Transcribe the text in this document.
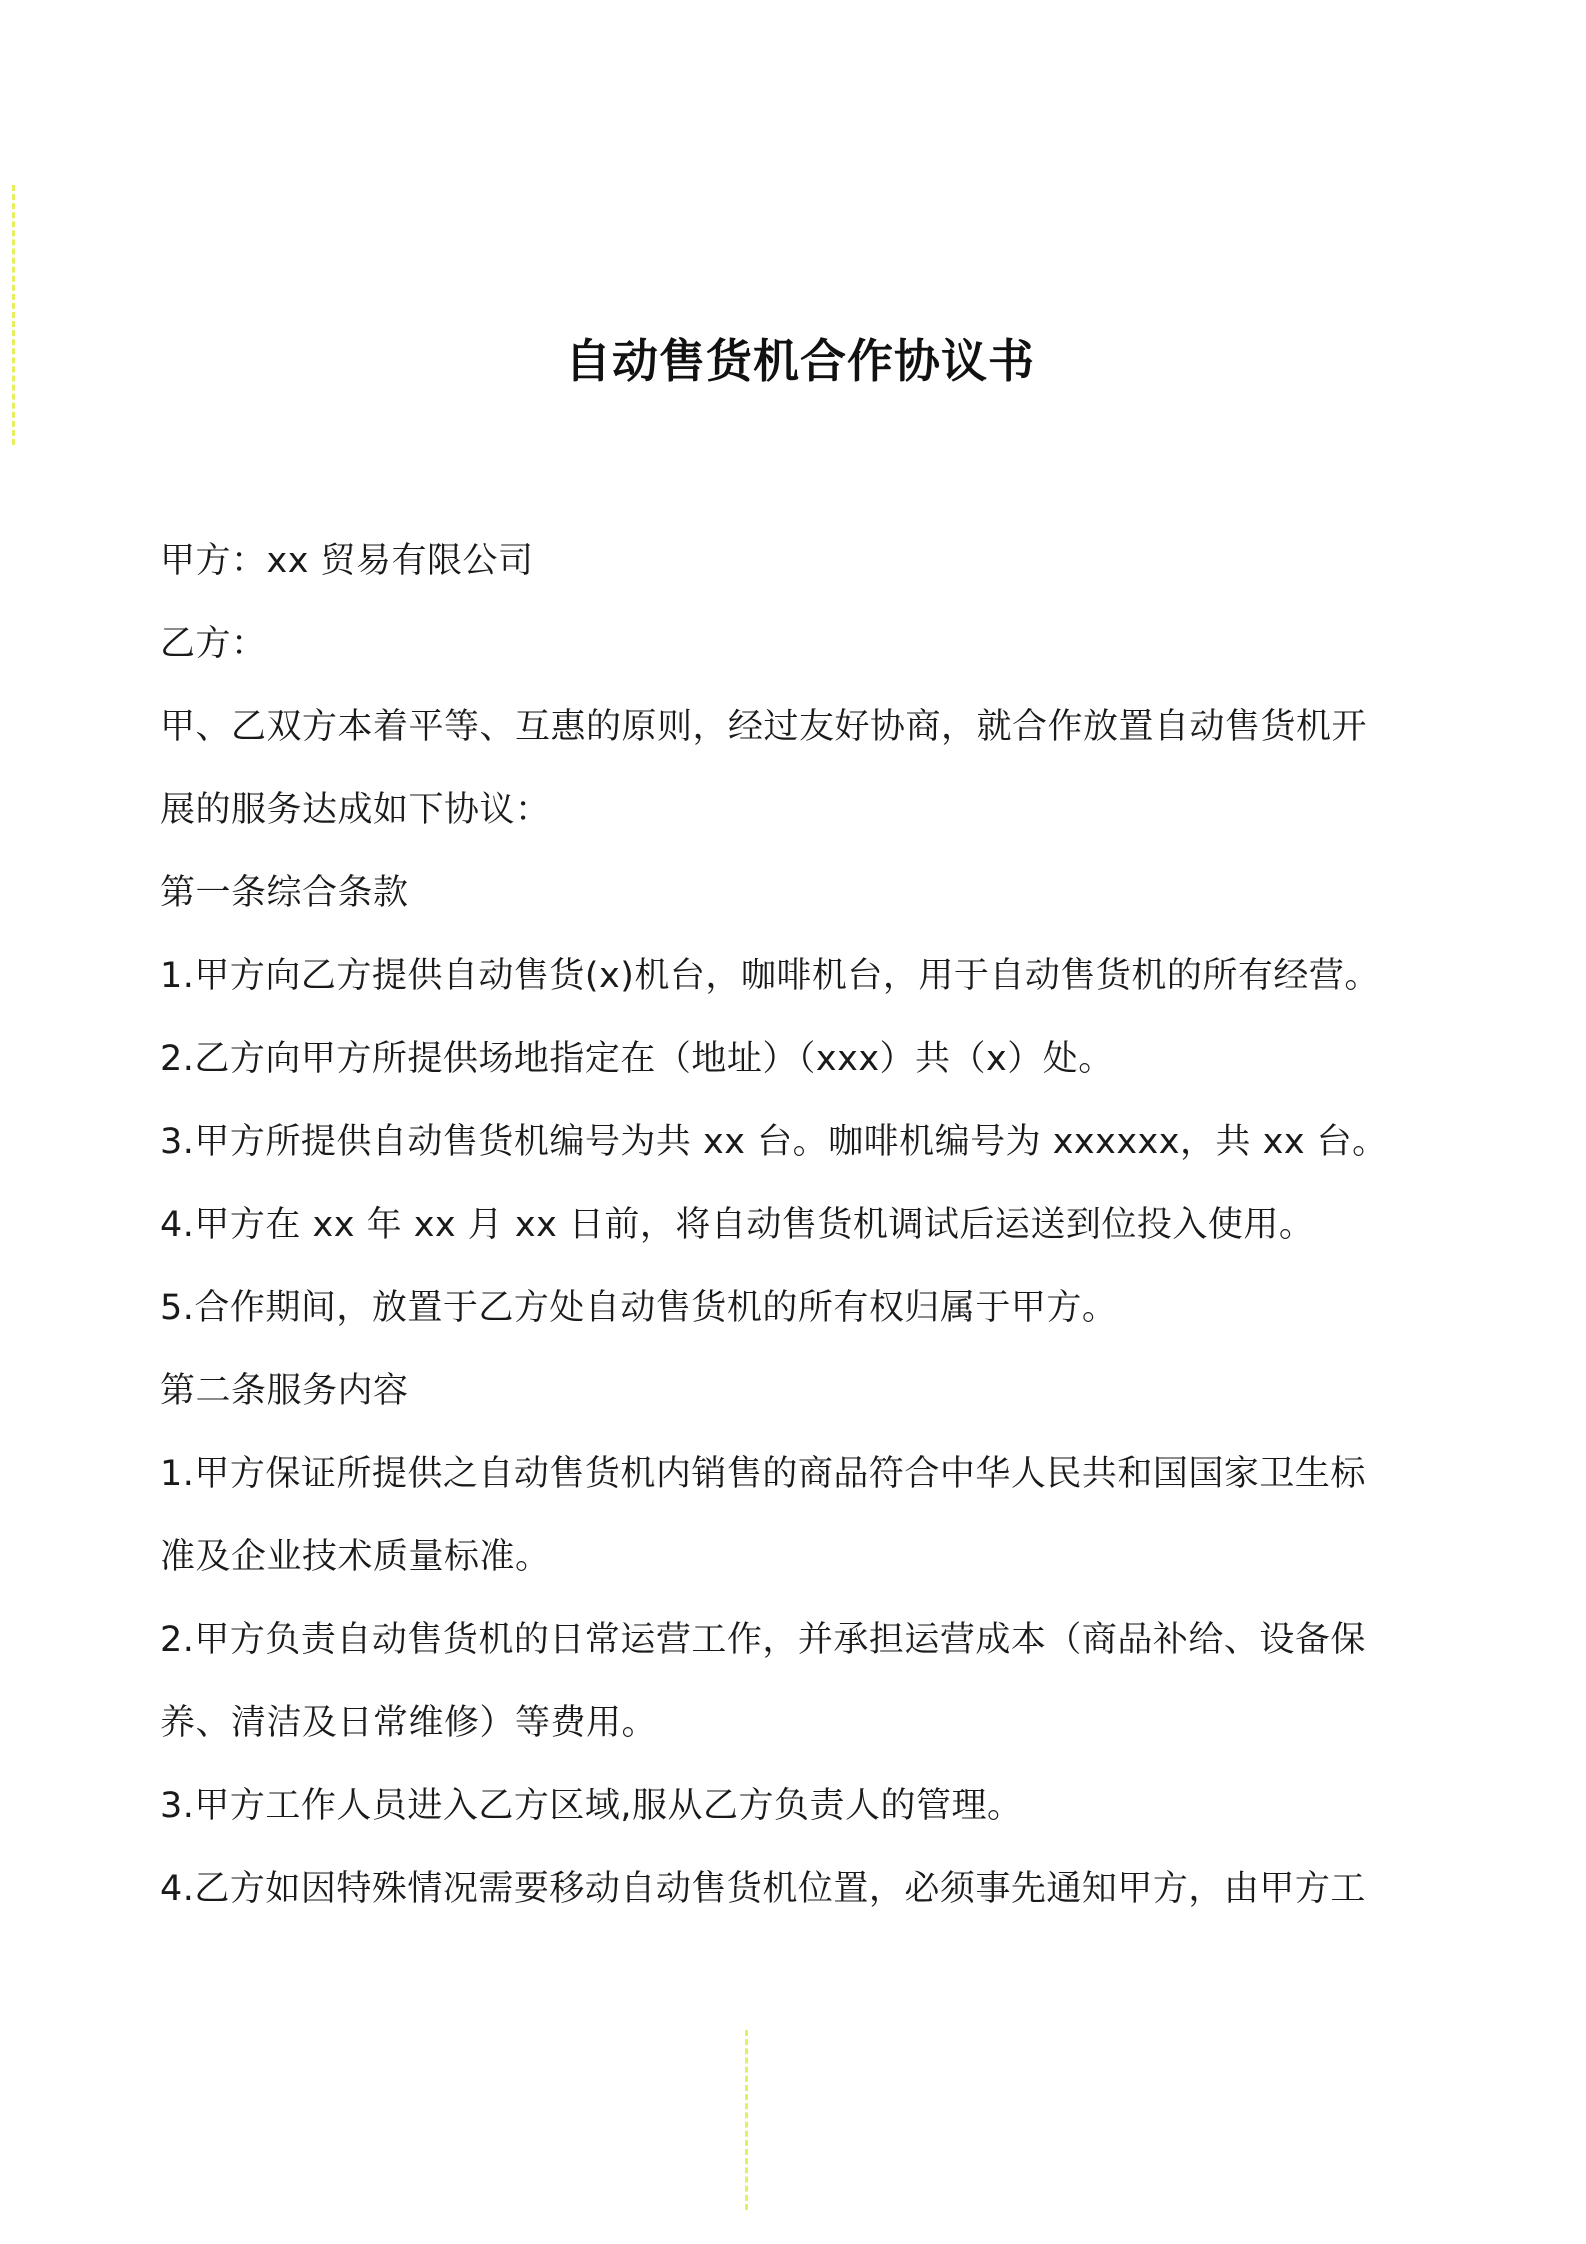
自动售货机合作协议书
甲方：xx 贸易有限公司
乙方：
甲、乙双方本着平等、互惠的原则，经过友好协商，就合作放置自动售货机开
展的服务达成如下协议：
第一条综合条款
1.甲方向乙方提供自动售货(x)机台，咖啡机台，用于自动售货机的所有经营。
2.乙方向甲方所提供场地指定在（地址）（xxx）共（x）处。
3.甲方所提供自动售货机编号为共 xx 台。咖啡机编号为 xxxxxx，共 xx 台。
4.甲方在 xx 年 xx 月 xx 日前，将自动售货机调试后运送到位投入使用。
5.合作期间，放置于乙方处自动售货机的所有权归属于甲方。
第二条服务内容
1.甲方保证所提供之自动售货机内销售的商品符合中华人民共和国国家卫生标
准及企业技术质量标准。
2.甲方负责自动售货机的日常运营工作，并承担运营成本（商品补给、设备保
养、清洁及日常维修）等费用。
3.甲方工作人员进入乙方区域,服从乙方负责人的管理。
4.乙方如因特殊情况需要移动自动售货机位置，必须事先通知甲方，由甲方工
